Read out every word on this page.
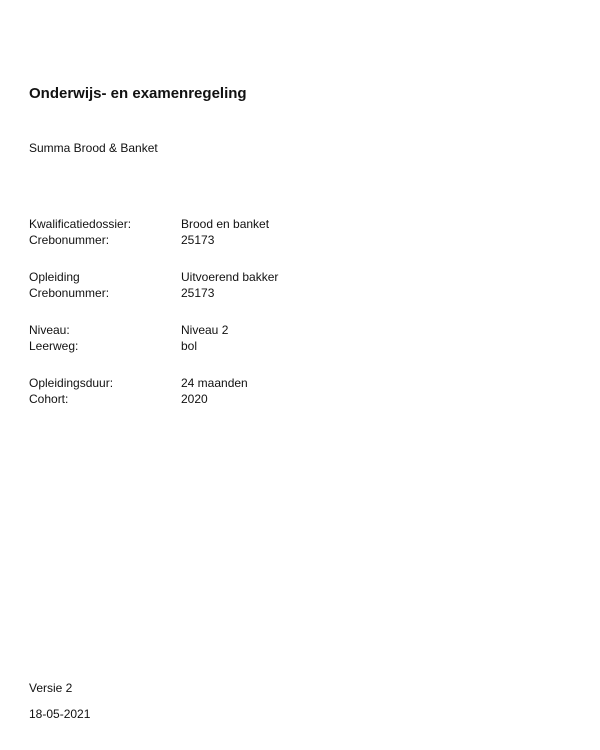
Onderwijs- en examenregeling
Summa Brood & Banket
Kwalificatiedossier:	Brood en banket
Crebonummer:	25173
Opleiding	Uitvoerend bakker
Crebonummer:	25173
Niveau:	Niveau 2
Leerweg:	bol
Opleidingsduur:	24 maanden
Cohort:	2020
Versie 2
18-05-2021
